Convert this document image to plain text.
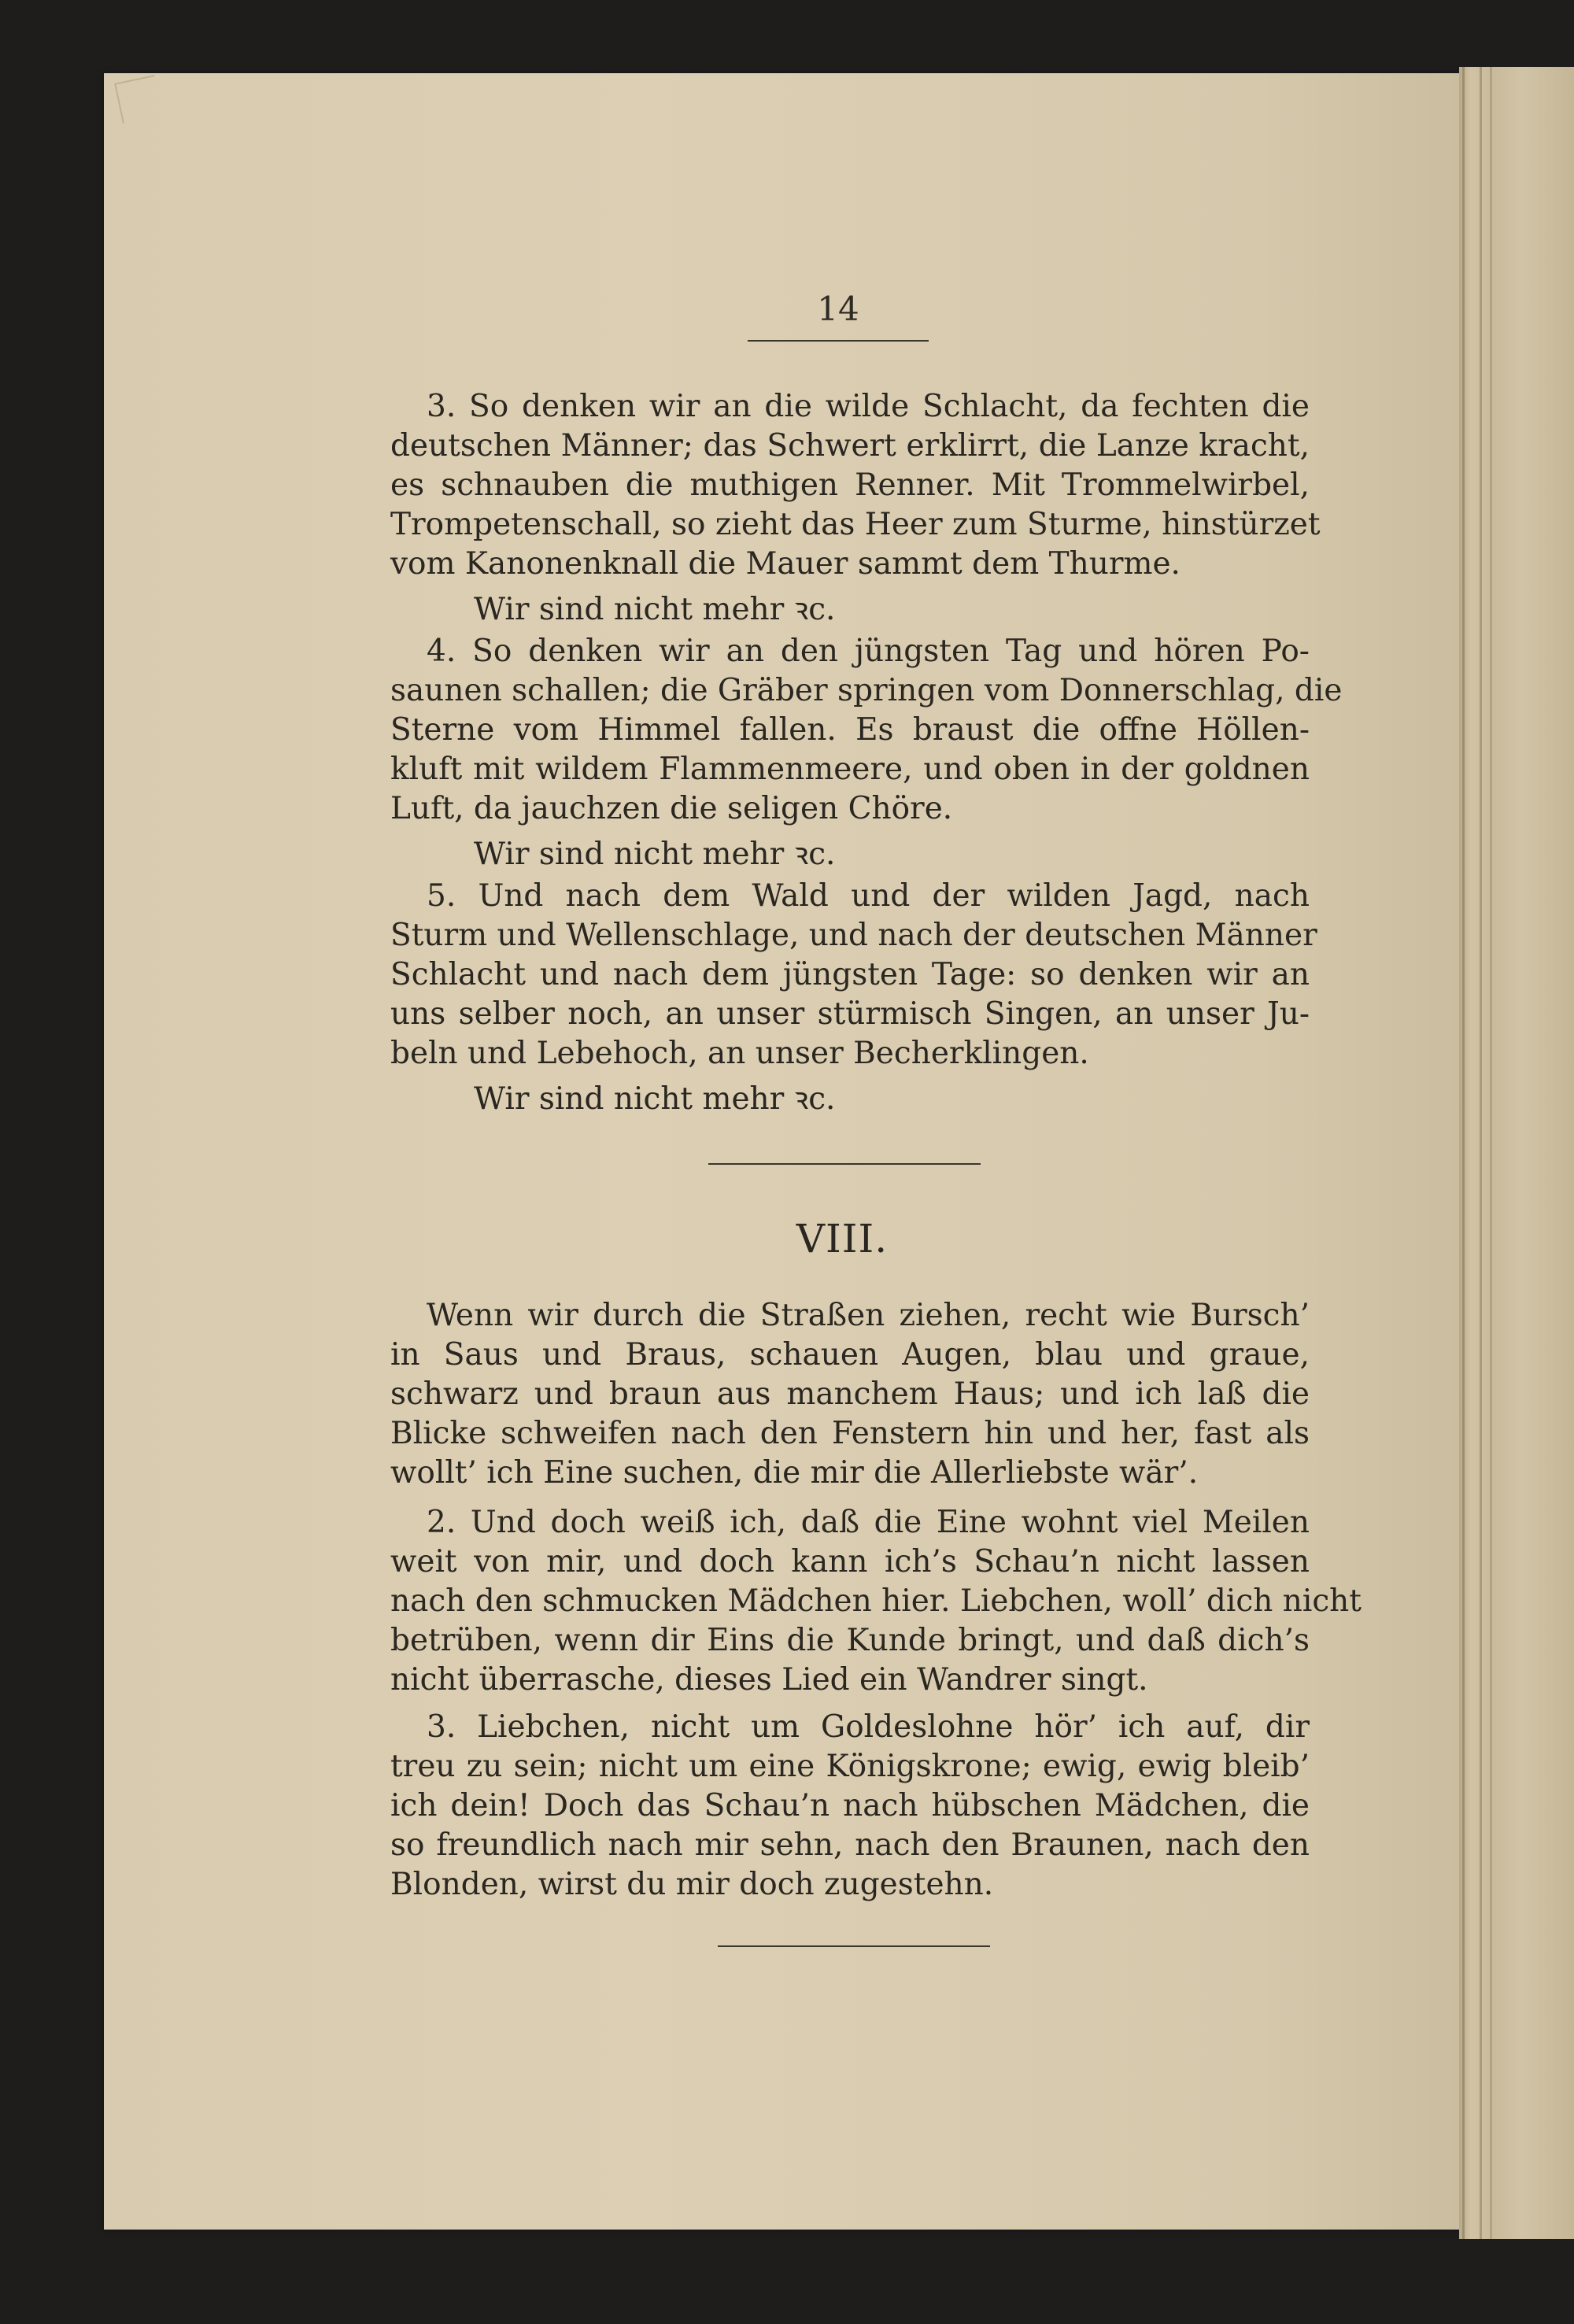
14
3. So denken wir an die wilde Schlacht, da fechten die
deutschen Männer; das Schwert erklirrt, die Lanze kracht,
es schnauben die muthigen Renner. Mit Trommelwirbel,
Trompetenschall, so zieht das Heer zum Sturme, hinstürzet
vom Kanonenknall die Mauer sammt dem Thurme.
Wir sind nicht mehr ꝛc.
4. So denken wir an den jüngsten Tag und hören Po-
saunen schallen; die Gräber springen vom Donnerschlag, die
Sterne vom Himmel fallen. Es braust die offne Höllen-
kluft mit wildem Flammenmeere, und oben in der goldnen
Luft, da jauchzen die seligen Chöre.
Wir sind nicht mehr ꝛc.
5. Und nach dem Wald und der wilden Jagd, nach
Sturm und Wellenschlage, und nach der deutschen Männer
Schlacht und nach dem jüngsten Tage: so denken wir an
uns selber noch, an unser stürmisch Singen, an unser Ju-
beln und Lebehoch, an unser Becherklingen.
Wir sind nicht mehr ꝛc.
VIII.
Wenn wir durch die Straßen ziehen, recht wie Bursch’
in Saus und Braus, schauen Augen, blau und graue,
schwarz und braun aus manchem Haus; und ich laß die
Blicke schweifen nach den Fenstern hin und her, fast als
wollt’ ich Eine suchen, die mir die Allerliebste wär’.
2. Und doch weiß ich, daß die Eine wohnt viel Meilen
weit von mir, und doch kann ich’s Schau’n nicht lassen
nach den schmucken Mädchen hier. Liebchen, woll’ dich nicht
betrüben, wenn dir Eins die Kunde bringt, und daß dich’s
nicht überrasche, dieses Lied ein Wandrer singt.
3. Liebchen, nicht um Goldeslohne hör’ ich auf, dir
treu zu sein; nicht um eine Königskrone; ewig, ewig bleib’
ich dein! Doch das Schau’n nach hübschen Mädchen, die
so freundlich nach mir sehn, nach den Braunen, nach den
Blonden, wirst du mir doch zugestehn.
